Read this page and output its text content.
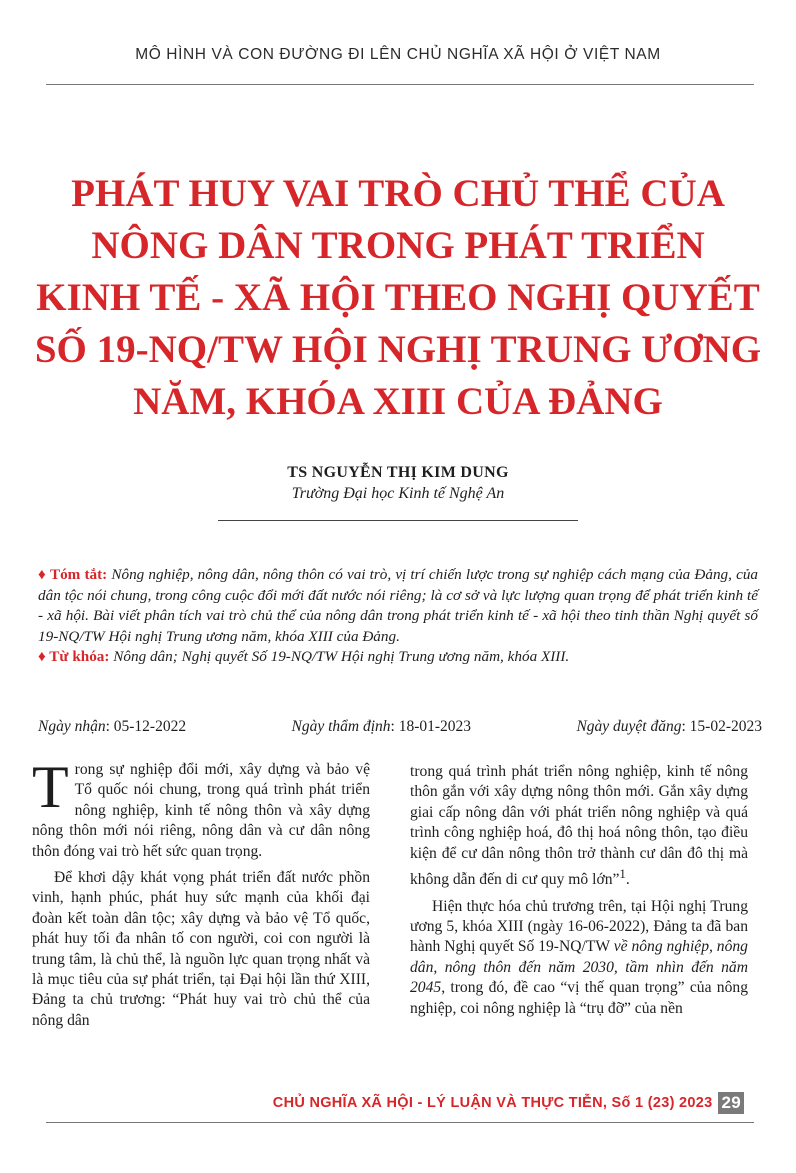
MÔ HÌNH VÀ CON ĐƯỜNG ĐI LÊN CHỦ NGHĨA XÃ HỘI Ở VIỆT NAM
PHÁT HUY VAI TRÒ CHỦ THỂ CỦA
NÔNG DÂN TRONG PHÁT TRIỂN
KINH TẾ - XÃ HỘI THEO NGHỊ QUYẾT
SỐ 19-NQ/TW HỘI NGHỊ TRUNG ƯƠNG
NĂM, KHÓA XIII CỦA ĐẢNG
TS NGUYỄN THỊ KIM DUNG
Trường Đại học Kinh tế Nghệ An

♦ Tóm tắt: Nông nghiệp, nông dân, nông thôn có vai trò, vị trí chiến lược trong sự nghiệp cách mạng của Đảng, của dân tộc nói chung, trong công cuộc đổi mới đất nước nói riêng; là cơ sở và lực lượng quan trọng để phát triển kinh tế - xã hội. Bài viết phân tích vai trò chủ thể của nông dân trong phát triển kinh tế - xã hội theo tinh thần Nghị quyết số 19-NQ/TW Hội nghị Trung ương năm, khóa XIII của Đảng.

♦ Từ khóa: Nông dân; Nghị quyết Số 19-NQ/TW Hội nghị Trung ương năm, khóa XIII.

Ngày nhận: 05-12-2022	Ngày thẩm định: 18-01-2023	Ngày duyệt đăng: 15-02-2023

Trong sự nghiệp đổi mới, xây dựng và bảo vệ Tổ quốc nói chung, trong quá trình phát triển nông nghiệp, kinh tế nông thôn và xây dựng nông thôn mới nói riêng, nông dân và cư dân nông thôn đóng vai trò hết sức quan trọng.

Để khơi dậy khát vọng phát triển đất nước phồn vinh, hạnh phúc, phát huy sức mạnh của khối đại đoàn kết toàn dân tộc; xây dựng và bảo vệ Tổ quốc, phát huy tối đa nhân tố con người, coi con người là trung tâm, là chủ thể, là nguồn lực quan trọng nhất và là mục tiêu của sự phát triển, tại Đại hội lần thứ XIII, Đảng ta chủ trương: “Phát huy vai trò chủ thể của nông dân

trong quá trình phát triển nông nghiệp, kinh tế nông thôn gắn với xây dựng nông thôn mới. Gắn xây dựng giai cấp nông dân với phát triển nông nghiệp và quá trình công nghiệp hoá, đô thị hoá nông thôn, tạo điều kiện để cư dân nông thôn trở thành cư dân đô thị mà không dẫn đến di cư quy mô lớn”$^1$.

Hiện thực hóa chủ trương trên, tại Hội nghị Trung ương 5, khóa XIII (ngày 16-06-2022), Đảng ta đã ban hành Nghị quyết Số 19-NQ/TW về nông nghiệp, nông dân, nông thôn đến năm 2030, tầm nhìn đến năm 2045, trong đó, đề cao “vị thế quan trọng” của nông nghiệp, coi nông nghiệp là “trụ đỡ” của nền

CHỦ NGHĨA XÃ HỘI - LÝ LUẬN VÀ THỰC TIỄN, Số 1 (23) 2023 29
